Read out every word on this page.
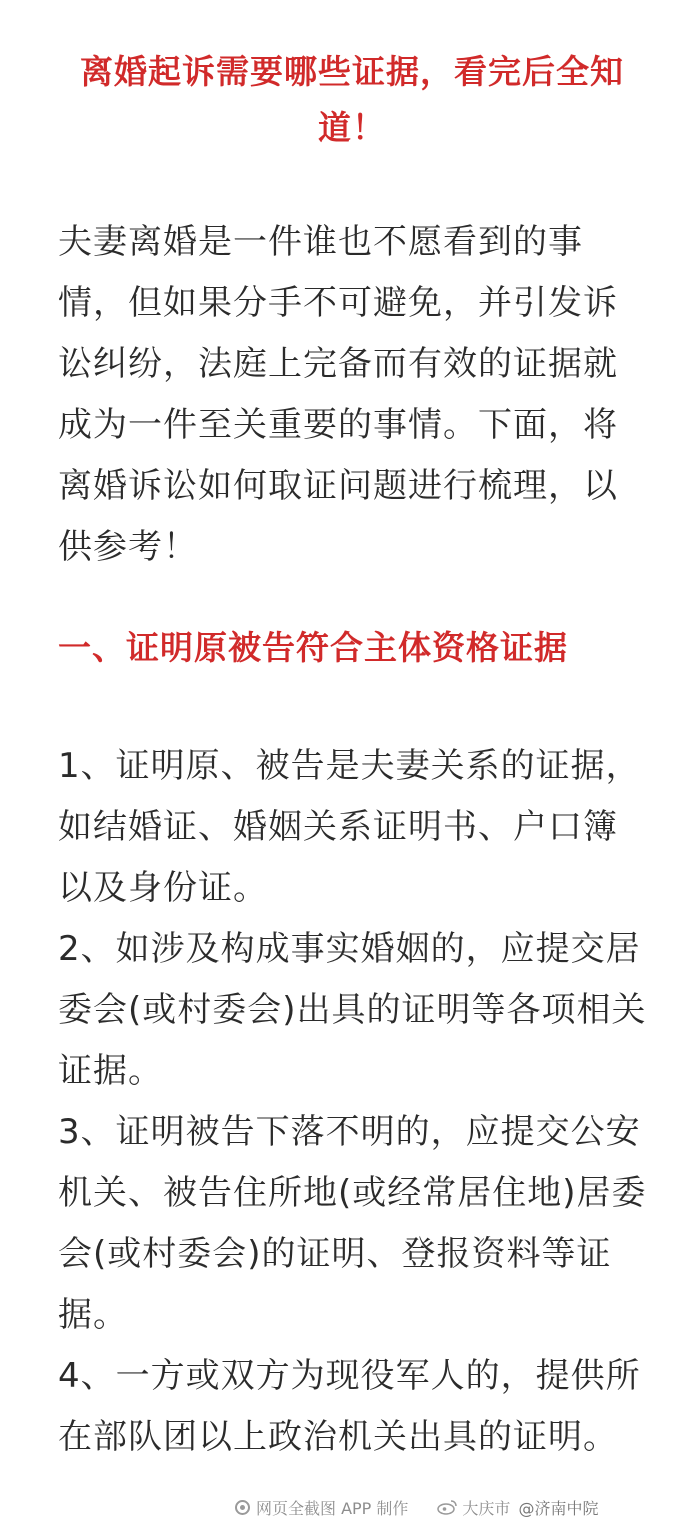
离婚起诉需要哪些证据，看完后全知道！

夫妻离婚是一件谁也不愿看到的事情，但如果分手不可避免，并引发诉讼纠纷，法庭上完备而有效的证据就成为一件至关重要的事情。下面，将离婚诉讼如何取证问题进行梳理，以供参考！

一、证明原被告符合主体资格证据

1、证明原、被告是夫妻关系的证据，如结婚证、婚姻关系证明书、户口簿以及身份证。

2、如涉及构成事实婚姻的，应提交居委会(或村委会)出具的证明等各项相关证据。

3、证明被告下落不明的，应提交公安机关、被告住所地(或经常居住地)居委会(或村委会)的证明、登报资料等证据。

4、一方或双方为现役军人的，提供所在部队团以上政治机关出具的证明。

网页全截图 APP 制作	大庆市 @济南中院
